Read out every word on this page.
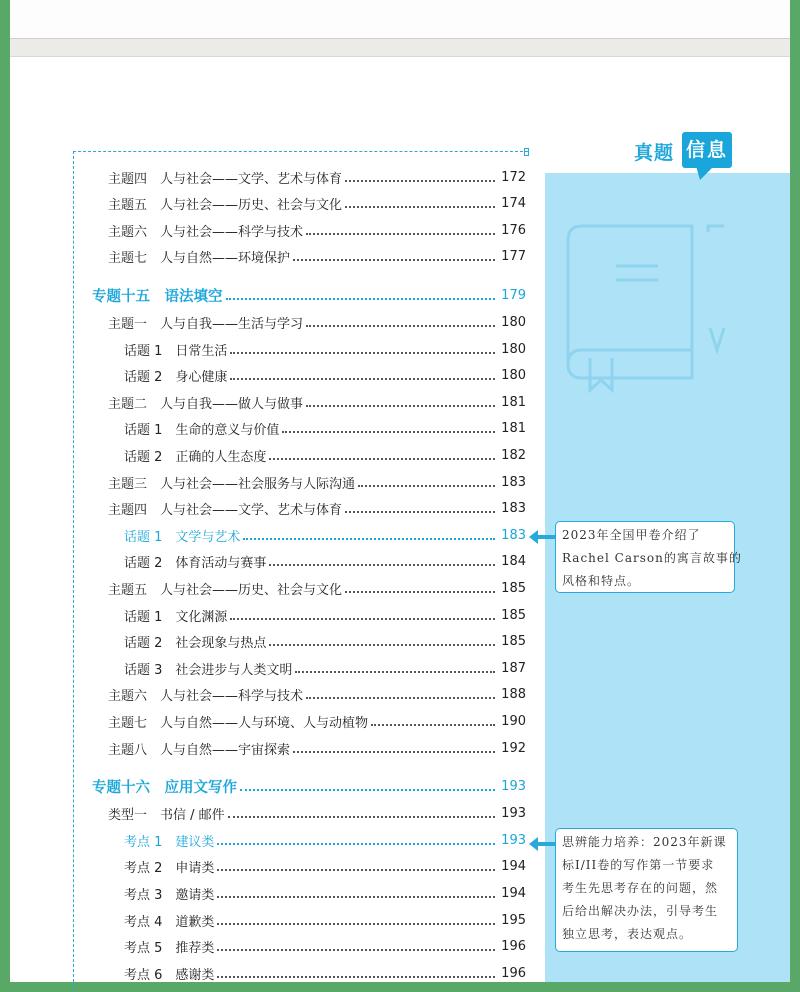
真题 信息
主题四　人与社会——文学、艺术与体育	172
主题五　人与社会——历史、社会与文化	174
主题六　人与社会——科学与技术	176
主题七　人与自然——环境保护	177
专题十五　语法填空	179
主题一　人与自我——生活与学习	180
话题 1　日常生活	180
话题 2　身心健康	180
主题二　人与自我——做人与做事	181
话题 1　生命的意义与价值	181
话题 2　正确的人生态度	182
主题三　人与社会——社会服务与人际沟通	183
主题四　人与社会——文学、艺术与体育	183
话题 1　文学与艺术	183
话题 2　体育活动与赛事	184
主题五　人与社会——历史、社会与文化	185
话题 1　文化渊源	185
话题 2　社会现象与热点	185
话题 3　社会进步与人类文明	187
主题六　人与社会——科学与技术	188
主题七　人与自然——人与环境、人与动植物	190
主题八　人与自然——宇宙探索	192
专题十六　应用文写作	193
类型一　书信 / 邮件	193
考点 1　建议类	193
考点 2　申请类	194
考点 3　邀请类	194
考点 4　道歉类	195
考点 5　推荐类	196
考点 6　感谢类	196
2023年全国甲卷介绍了
Rachel Carson的寓言故事的
风格和特点。
思辨能力培养：2023年新课
标I/II卷的写作第一节要求
考生先思考存在的问题，然
后给出解决办法，引导考生
独立思考，表达观点。
